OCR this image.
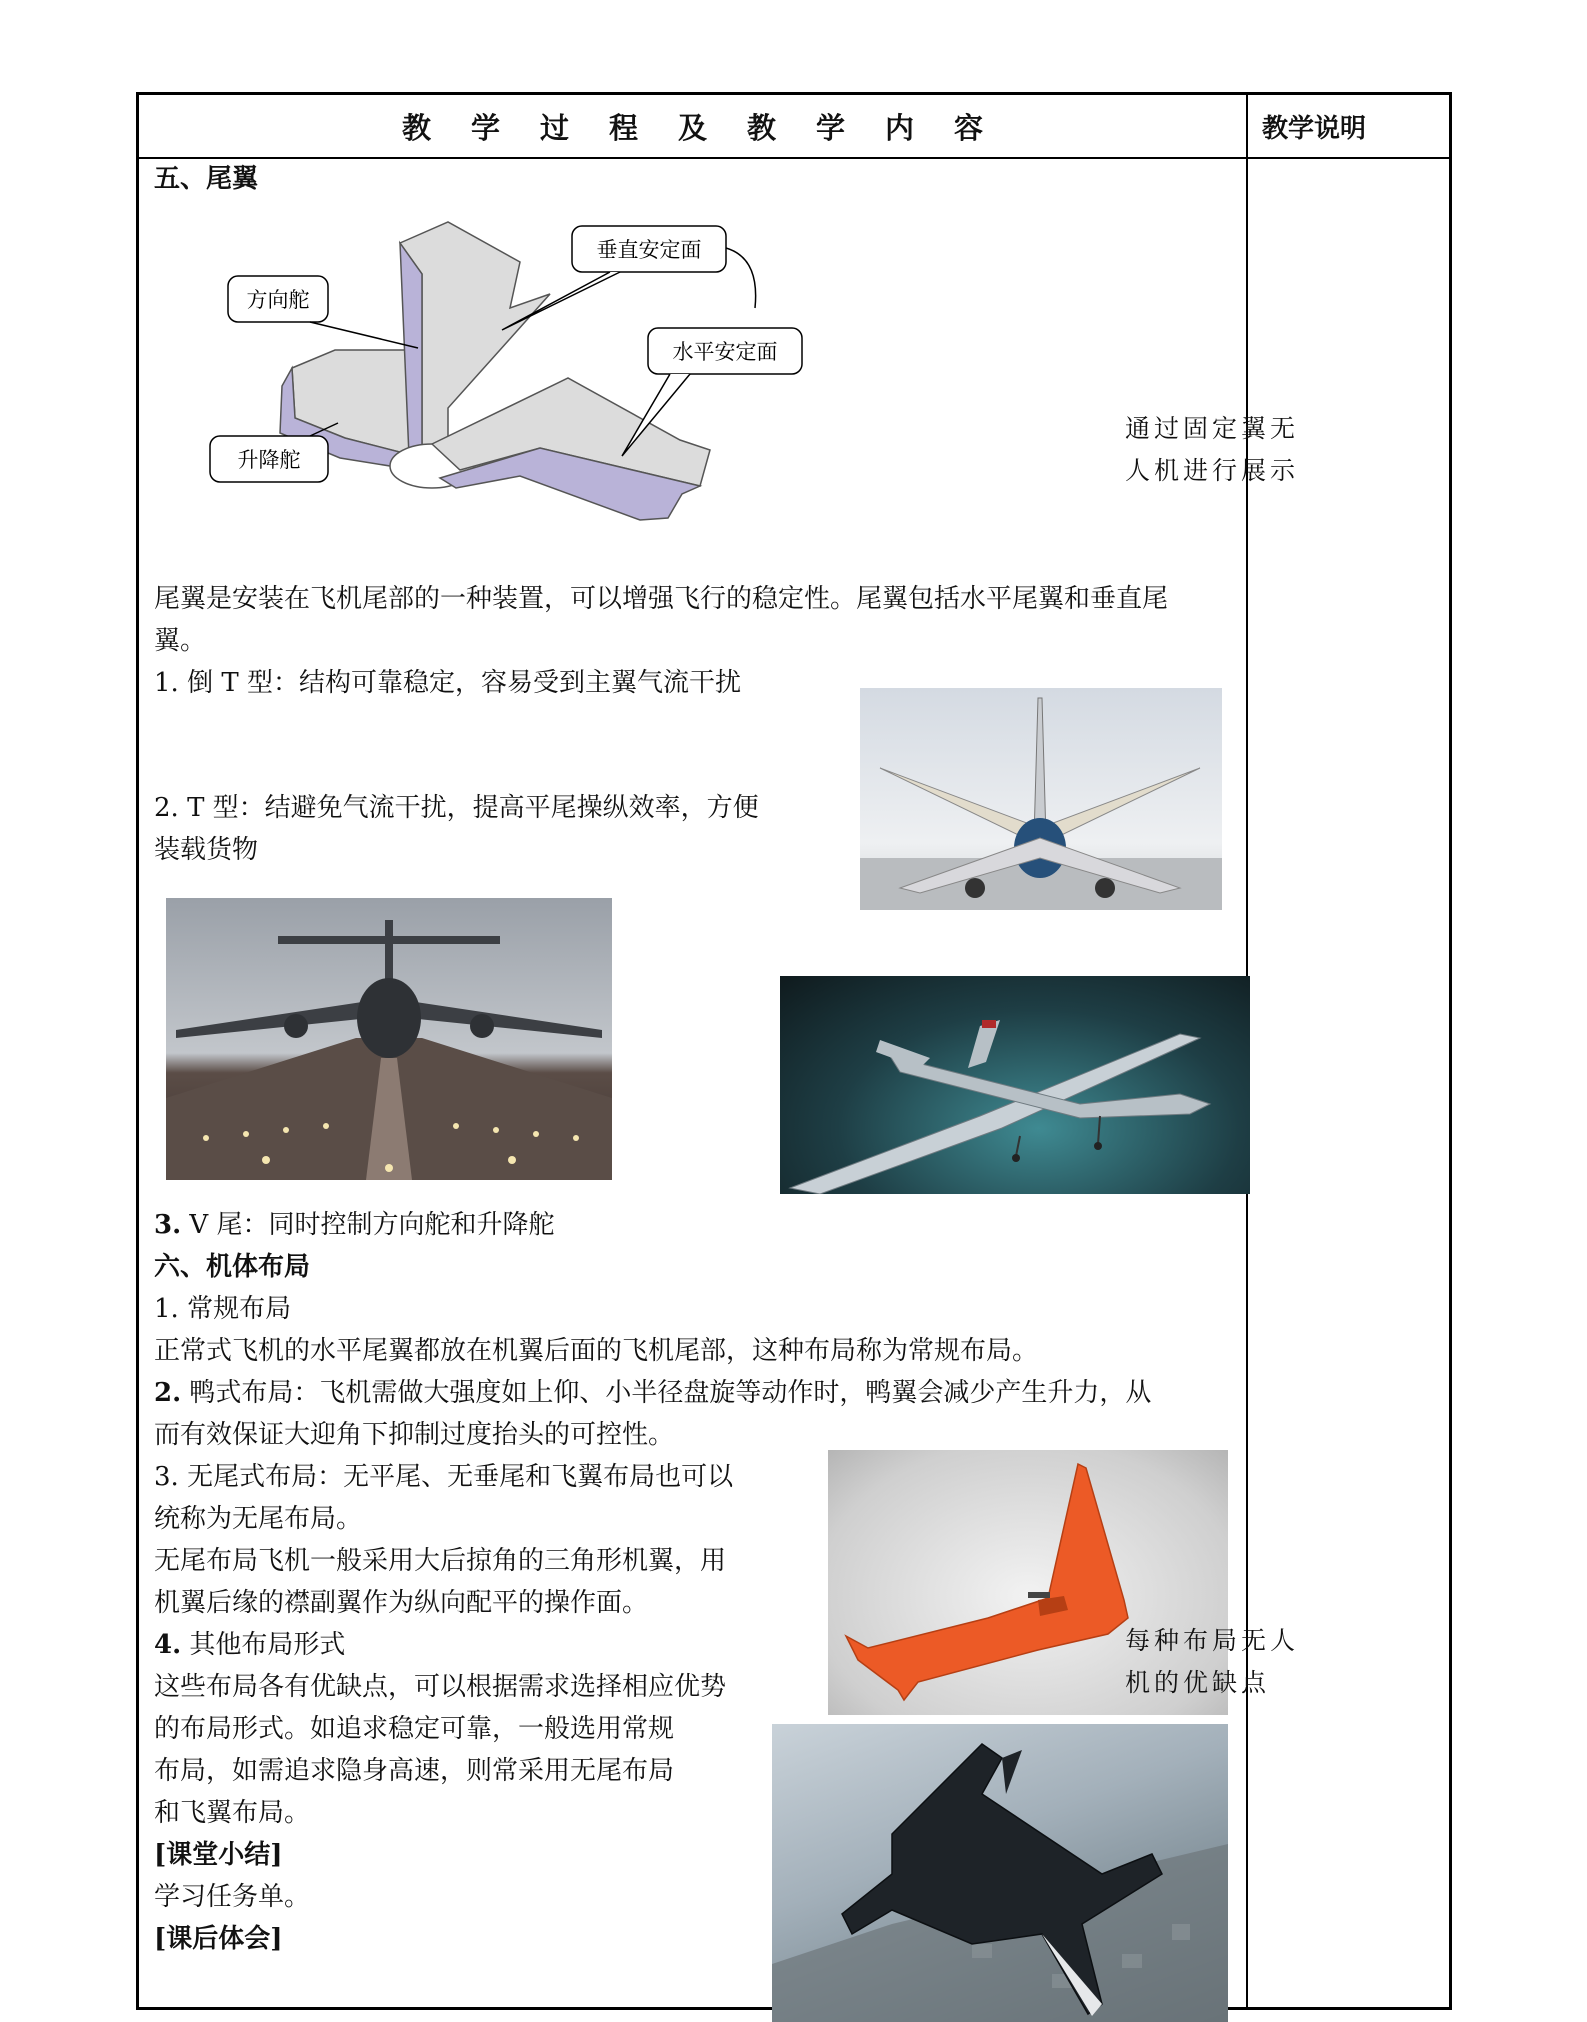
教学过程及教学内容	教学说明
五、尾翼
垂直安定面
方向舵
水平安定面
升降舵
尾翼是安装在飞机尾部的一种装置，可以增强飞行的稳定性。尾翼包括水平尾翼和垂直尾
翼。
1. 倒 T 型：结构可靠稳定，容易受到主翼气流干扰
2. T 型：结避免气流干扰，提高平尾操纵效率，方便
装载货物
3. V 尾：同时控制方向舵和升降舵
六、机体布局
1. 常规布局
正常式飞机的水平尾翼都放在机翼后面的飞机尾部，这种布局称为常规布局。
2. 鸭式布局：飞机需做大强度如上仰、小半径盘旋等动作时，鸭翼会减少产生升力，从
而有效保证大迎角下抑制过度抬头的可控性。
3. 无尾式布局：无平尾、无垂尾和飞翼布局也可以
统称为无尾布局。
无尾布局飞机一般采用大后掠角的三角形机翼，用
机翼后缘的襟副翼作为纵向配平的操作面。
4. 其他布局形式
这些布局各有优缺点，可以根据需求选择相应优势
的布局形式。如追求稳定可靠，一般选用常规
布局，如需追求隐身高速，则常采用无尾布局
和飞翼布局。
[课堂小结]
学习任务单。
[课后体会]
通过固定翼无
人机进行展示
每种布局无人
机的优缺点
